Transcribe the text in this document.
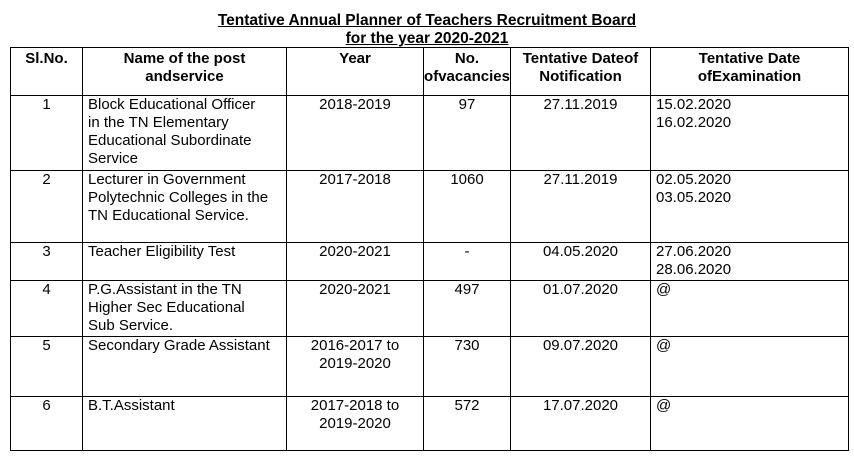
Tentative Annual Planner of Teachers Recruitment Board
for the year 2020-2021
Sl.No.	Name of the post andservice	Year	No. ofvacancies	Tentative Dateof Notification	Tentative Date ofExamination

1	Block Educational Officer
in the TN Elementary
Educational Subordinate
Service	2018-2019	97	27.11.2019	15.02.2020
16.02.2020

2	Lecturer in Government
Polytechnic Colleges in the
TN Educational Service.	2017-2018	1060	27.11.2019	02.05.2020
03.05.2020

3	Teacher Eligibility Test	2020-2021	-	04.05.2020	27.06.2020
28.06.2020

4	P.G.Assistant in the TN
Higher Sec Educational
Sub Service.	2020-2021	497	01.07.2020	@

5	Secondary Grade Assistant	2016-2017 to
2019-2020	730	09.07.2020	@

6	B.T.Assistant	2017-2018 to
2019-2020	572	17.07.2020	@
